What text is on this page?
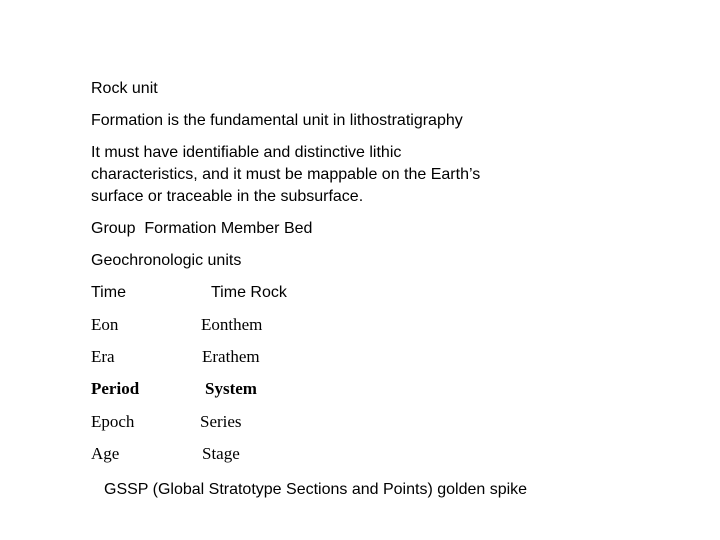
Rock unit
Formation is the fundamental unit in lithostratigraphy
It must have identifiable and distinctive lithic
characteristics, and it must be mappable on the Earth’s
surface or traceable in the subsurface.
Group  Formation Member Bed
Geochronologic units
Time	Time Rock
Eon	Eonthem
Era	Erathem
Period	System
Epoch	Series
Age	Stage
GSSP (Global Stratotype Sections and Points) golden spike
